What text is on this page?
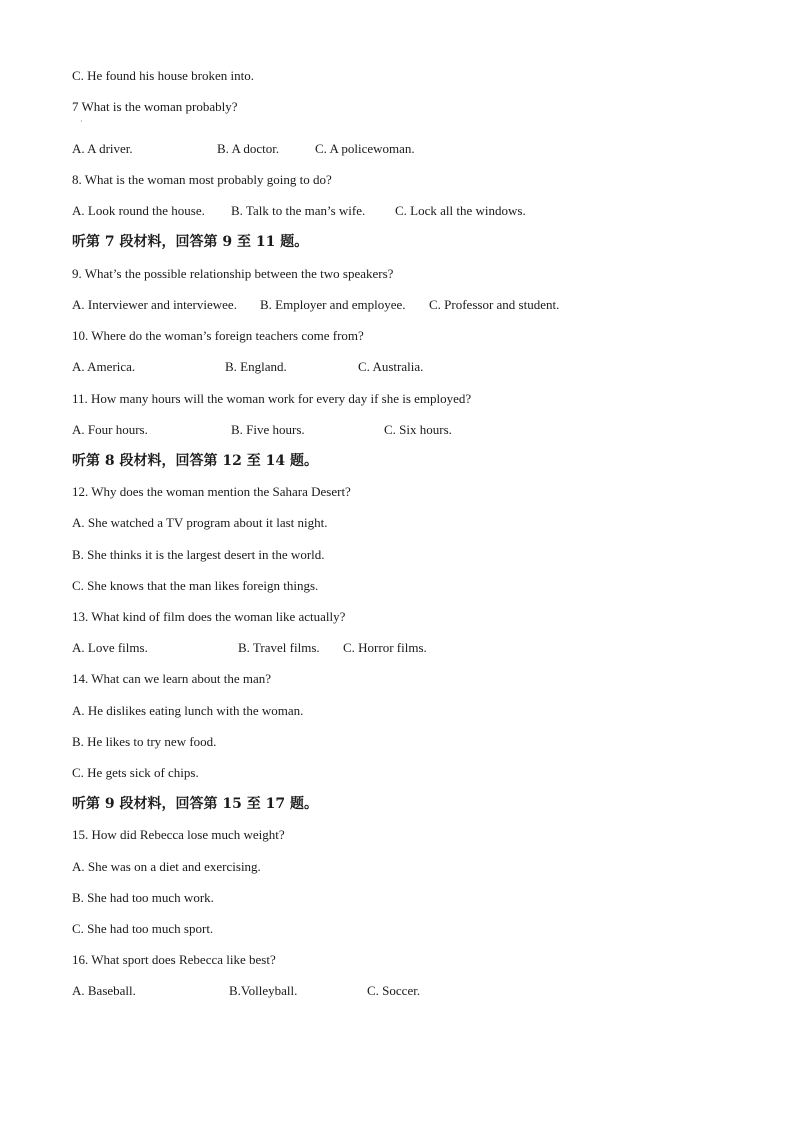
C. He found his house broken into.
7 What is the woman probably?
·
A. A driver.	B. A doctor.	C. A policewoman.
8. What is the woman most probably going to do?
A. Look round the house. B. Talk to the man’s wife. C. Lock all the windows.
听第 7 段材料，回答第 9 至 11 题。
9. What’s the possible relationship between the two speakers?
A. Interviewer and interviewee. B. Employer and employee. C. Professor and student.
10. Where do the woman’s foreign teachers come from?
A. America.	B. England.	C. Australia.
11. How many hours will the woman work for every day if she is employed?
A. Four hours.	B. Five hours.	C. Six hours.
听第 8 段材料，回答第 12 至 14 题。
12. Why does the woman mention the Sahara Desert?
A. She watched a TV program about it last night.
B. She thinks it is the largest desert in the world.
C. She knows that the man likes foreign things.
13. What kind of film does the woman like actually?
A. Love films.	B. Travel films. C. Horror films.
14. What can we learn about the man?
A. He dislikes eating lunch with the woman.
B. He likes to try new food.
C. He gets sick of chips.
听第 9 段材料，回答第 15 至 17 题。
15. How did Rebecca lose much weight?
A. She was on a diet and exercising.
B. She had too much work.
C. She had too much sport.
16. What sport does Rebecca like best?
A. Baseball.	B.Volleyball.	C. Soccer.
